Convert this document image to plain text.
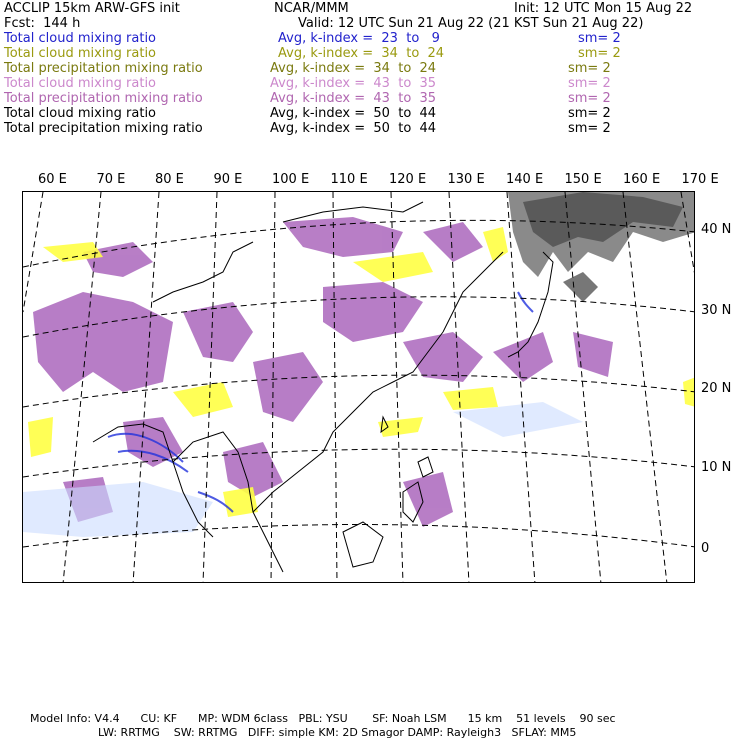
ACCLIP 15km ARW-GFS init	NCAR/MMM	Init: 12 UTC Mon 15 Aug 22
Fcst:  144 h	Valid: 12 UTC Sun 21 Aug 22 (21 KST Sun 21 Aug 22)
Total cloud mixing ratio	Avg, k-index =  23  to   9	sm= 2
Total cloud mixing ratio	Avg, k-index =  34  to  24	sm= 2
Total precipitation mixing ratio	Avg, k-index =  34  to  24	sm= 2
Total cloud mixing ratio	Avg, k-index =  43  to  35	sm= 2
Total precipitation mixing ratio	Avg, k-index =  43  to  35	sm= 2
Total cloud mixing ratio	Avg, k-index =  50  to  44	sm= 2
Total precipitation mixing ratio	Avg, k-index =  50  to  44	sm= 2
60 E 70 E 80 E 90 E 100 E 110 E 120 E 130 E 140 E 150 E 160 E 170 E
40 N
30 N
20 N
10 N
0
Model Info: V4.4      CU: KF      MP: WDM 6class   PBL: YSU       SF: Noah LSM      15 km    51 levels    90 sec
LW: RRTMG    SW: RRTMG   DIFF: simple KM: 2D Smagor DAMP: Rayleigh3   SFLAY: MM5
